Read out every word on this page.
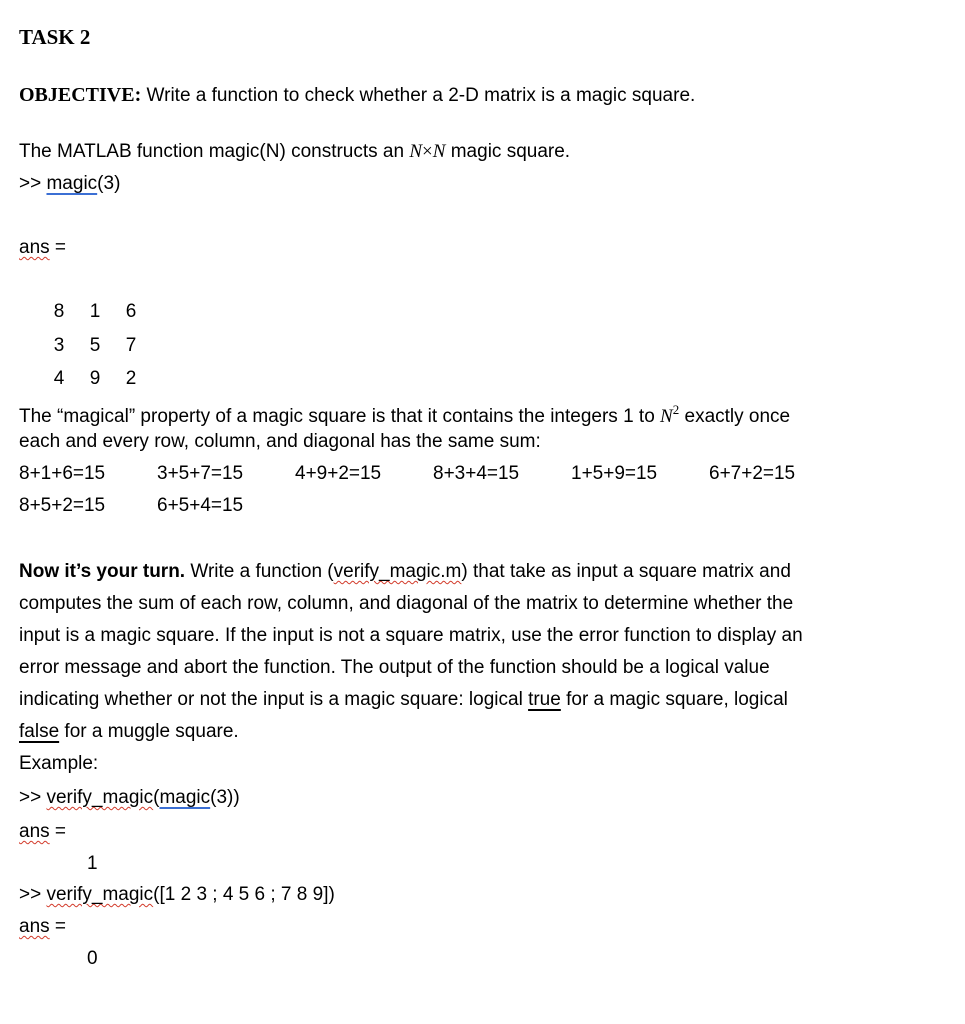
TASK 2
OBJECTIVE: Write a function to check whether a 2-D matrix is a magic square.
The MATLAB function magic(N) constructs an N×N magic square.
>> magic(3)
ans =
8 1 6
3 5 7
4 9 2
The “magical” property of a magic square is that it contains the integers 1 to $N^2$ exactly once
each and every row, column, and diagonal has the same sum:
8+1+6=15	3+5+7=15	4+9+2=15	8+3+4=15	1+5+9=15	6+7+2=15
8+5+2=15	6+5+4=15
Now it’s your turn. Write a function (verify_magic.m) that take as input a square matrix and
computes the sum of each row, column, and diagonal of the matrix to determine whether the
input is a magic square. If the input is not a square matrix, use the error function to display an
error message and abort the function. The output of the function should be a logical value
indicating whether or not the input is a magic square: logical true for a magic square, logical
false for a muggle square.
Example:
>> verify_magic(magic(3))
ans =
1
>> verify_magic([1 2 3 ; 4 5 6 ; 7 8 9])
ans =
0
